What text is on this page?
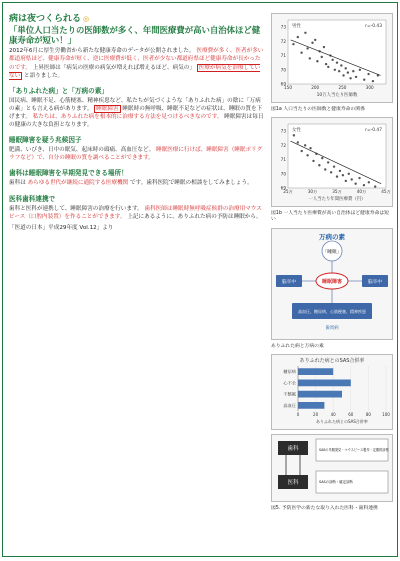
病は夜つくられる ◎
「単位人口当たりの医師数が多く、年間医療費が高い自治体ほど健康寿命が短い！」

2012年6月に厚生労働省から新たな健康寿命のデータが公開されました。 医療費が多く、医者が多い都道府県ほど、健康寿命が短く、逆に医療費が低く、医者が少ない都道府県ほど健康寿命が長かったのです。 上昇医師は「病気の医療の病気が増えれば増えるほど、病気の」 医療が病気を治療していない と語りました。

「ありふれた病」と「万病の素」

国民病、睡眠不足、心筋梗塞、精神疾患など、私たちが気づくような「ありふれた病」の陰に「万病の素」とも言える病があります。 睡眠障害 睡眠時の無呼吸、睡眠不足などの症状は、睡眠の質を下げます。 私たちは、ありふれた病を根本的に治療する方法を見つけるべきなのです。 睡眠障害は毎日の健康の大きな負担となります。

睡眠障害を疑う兆候因子

肥満、いびき、日中の眠気、起床時の頭痛、高血圧など。 睡眠医療に行けば、睡眠障害（睡眠ポリグラフなど）で、自分の睡眠の質を調べることができます。

歯科は睡眠障害を早期発見できる場所！

歯科は あらゆる世代が継続に通院する医療機関 です。歯科医院で睡眠の相談をしてみましょう。

医科歯科連携で

歯科と医科が連携して、睡眠障害の治療を行います。 歯科医師は睡眠時無呼吸症候群の治療用マウスピース（口腔内装置）を作ることができます。 上記にあるように、ありふれた病の予防は睡眠から。

「医道の日本」平成29年度 Vol.12」より

69
70
71
72
73
150	200	250	300
r=-0.43
男性
10万人当たり医師数
図1a 人口当たりの医師数と健康寿命の関係
69
70
71
72
73
25万	30万	35万	40万	45万
r=-0.47
女性
一人当たり年間医療費（円）
図1b 一人当たり医療費が高い自治体ほど健康寿命は短い
万病の素
「睡眠」
脳卒中	脳卒中
睡眠障害
高血圧、糖尿病、心筋梗塞、精神疾患
歯周病
ありふれた病と万病の素
ありふれた病とのSAS合併率
0	20	40	60	80	100
糖尿病
心不全
不整脈
高血圧
ありふれた病とのSAS合併率
歯科
医科
SASの早期発見・マウスピース製作・定期的診察
SASの診断・確定診断
図5. 予防医学の新たな取り入れた医科・歯科連携
